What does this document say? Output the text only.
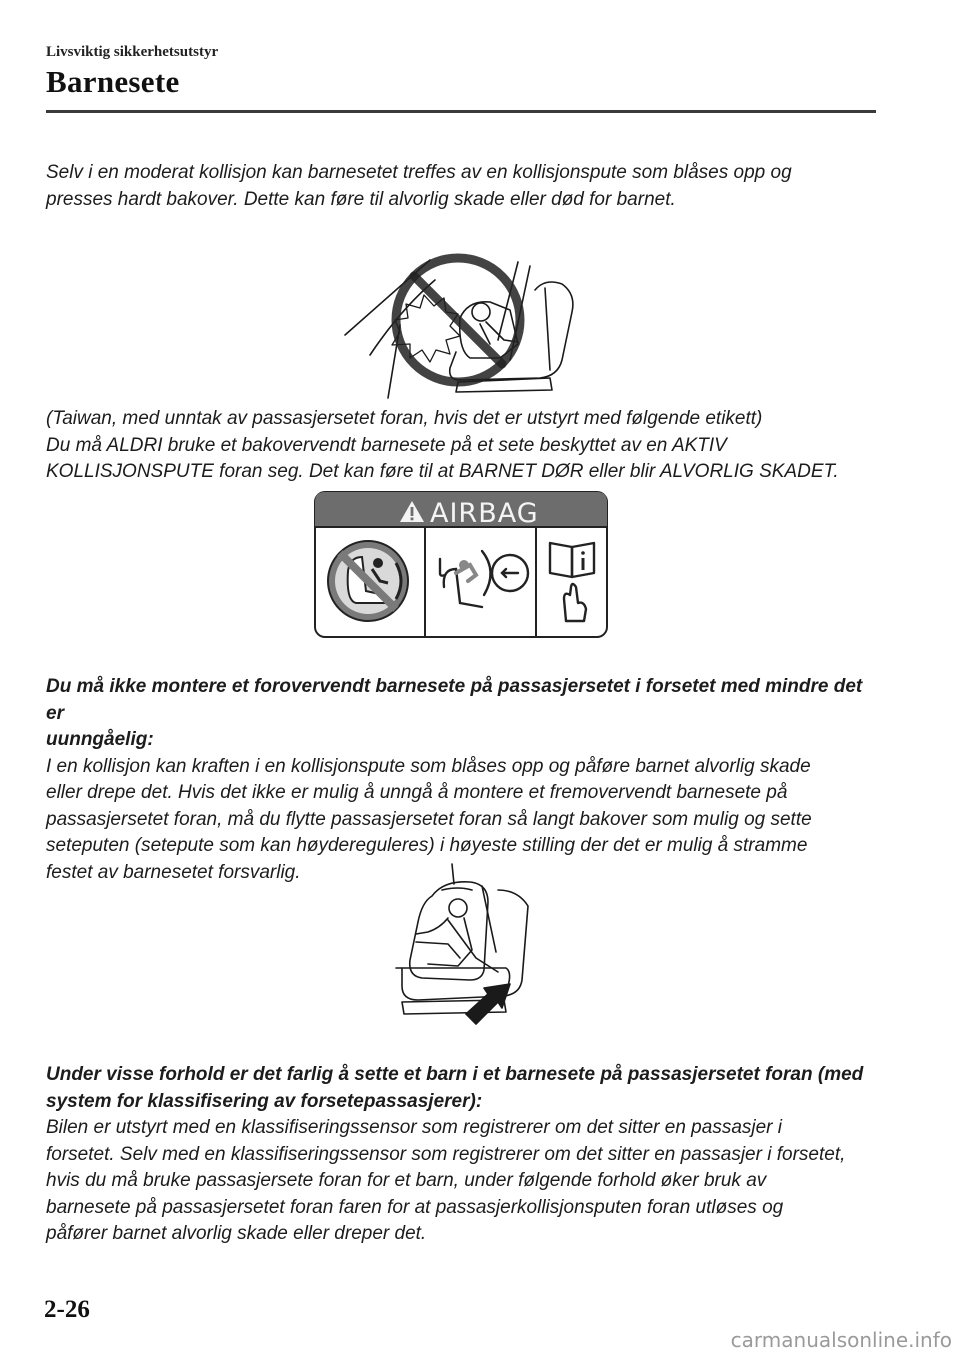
Livsviktig sikkerhetsutstyr
Barnesete

Selv i en moderat kollisjon kan barnesetet treffes av en kollisjonspute som blåses opp og

presses hardt bakover. Dette kan føre til alvorlig skade eller død for barnet.

(Taiwan, med unntak av passasjersetet foran, hvis det er utstyrt med følgende etikett)

Du må ALDRI bruke et bakovervendt barnesete på et sete beskyttet av en AKTIV

KOLLISJONSPUTE foran seg. Det kan føre til at BARNET DØR eller blir ALVORLIG SKADET.

AIRBAG

Du må ikke montere et forovervendt barnesete på passasjersetet i forsetet med mindre det er

uunngåelig:

I en kollisjon kan kraften i en kollisjonspute som blåses opp og påføre barnet alvorlig skade

eller drepe det. Hvis det ikke er mulig å unngå å montere et fremovervendt barnesete på

passasjersetet foran, må du flytte passasjersetet foran så langt bakover som mulig og sette

seteputen (setepute som kan høydereguleres) i høyeste stilling der det er mulig å stramme

festet av barnesetet forsvarlig.

Under visse forhold er det farlig å sette et barn i et barnesete på passasjersetet foran (med

system for klassifisering av forsetepassasjerer):

Bilen er utstyrt med en klassifiseringssensor som registrerer om det sitter en passasjer i

forsetet. Selv med en klassifiseringssensor som registrerer om det sitter en passasjer i forsetet,

hvis du må bruke passasjersete foran for et barn, under følgende forhold øker bruk av

barnesete på passasjersetet foran faren for at passasjerkollisjonsputen foran utløses og

påfører barnet alvorlig skade eller dreper det.

2-26
carmanualsonline.info
